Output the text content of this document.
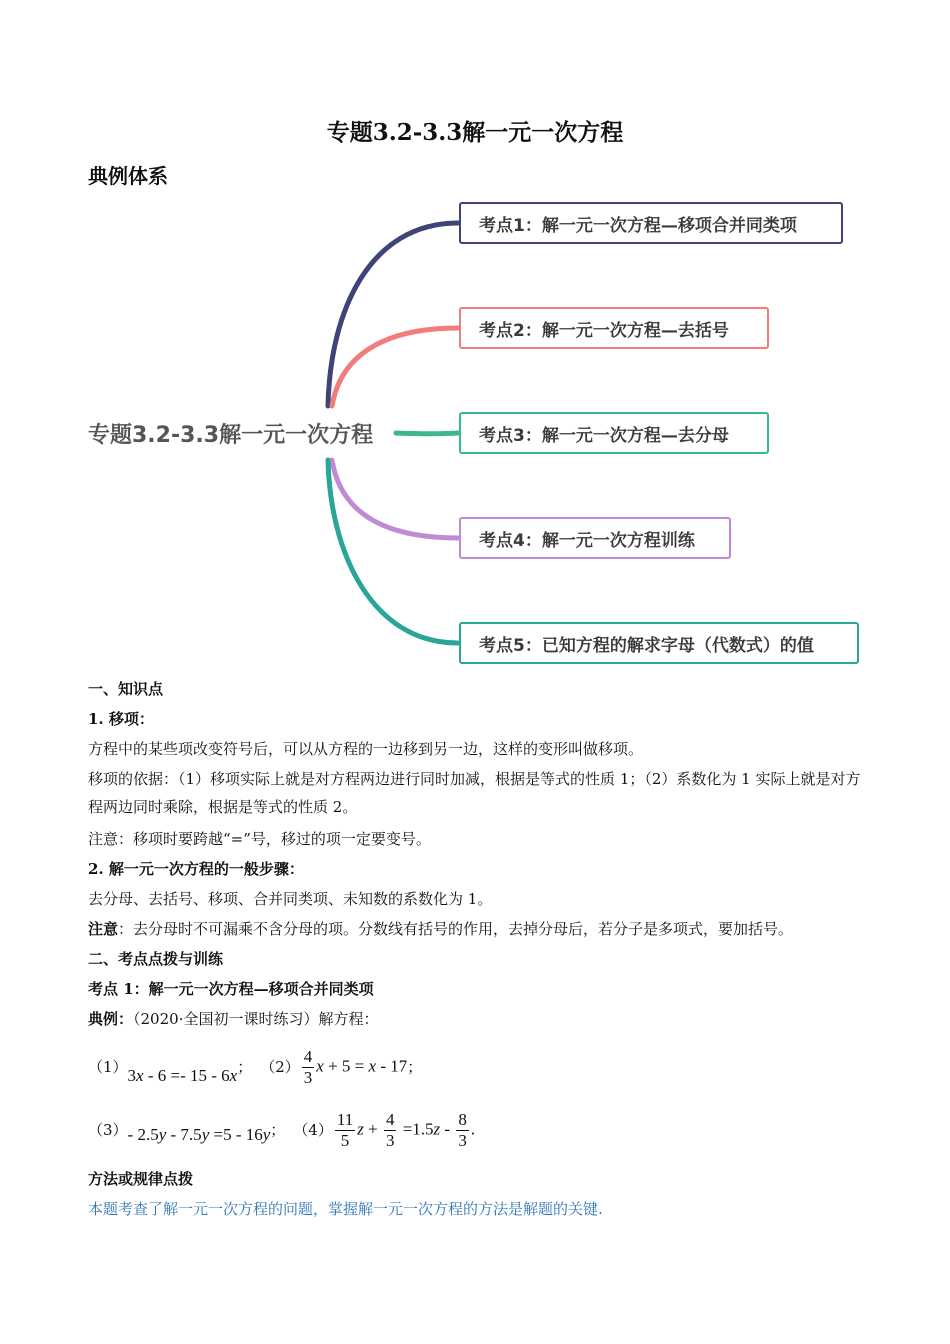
专题3.2-3.3解一元一次方程
典例体系
专题3.2-3.3解一元一次方程
考点1：解一元一次方程—移项合并同类项
考点2：解一元一次方程—去括号
考点3：解一元一次方程—去分母
考点4：解一元一次方程训练
考点5：已知方程的解求字母（代数式）的值
一、知识点
1. 移项：
方程中的某些项改变符号后，可以从方程的一边移到另一边，这样的变形叫做移项。
移项的依据：（1）移项实际上就是对方程两边进行同时加减，根据是等式的性质 1；（2）系数化为 1 实际上就是对方程两边同时乘除，根据是等式的性质 2。
注意：移项时要跨越“=”号，移过的项一定要变号。
2. 解一元一次方程的一般步骤：
去分母、去括号、移项、合并同类项、未知数的系数化为 1。
注意：去分母时不可漏乘不含分母的项。分数线有括号的作用，去掉分母后，若分子是多项式，要加括号。
二、考点点拨与训练
考点 1：解一元一次方程—移项合并同类项
典例：（2020·全国初一课时练习）解方程：
（1） 3x - 6 =- 15 - 6x ； $(2) \frac{4}{3}$ x + 5 = x - 17 ；
（3） - 2.5y - 7.5y =5 - 16y ； $(4) \frac{11}{5}$ $z + \frac{4}{3} =1.5z - \frac{8}{3}$ .
方法或规律点拨
本题考查了解一元一次方程的问题，掌握解一元一次方程的方法是解题的关键.
